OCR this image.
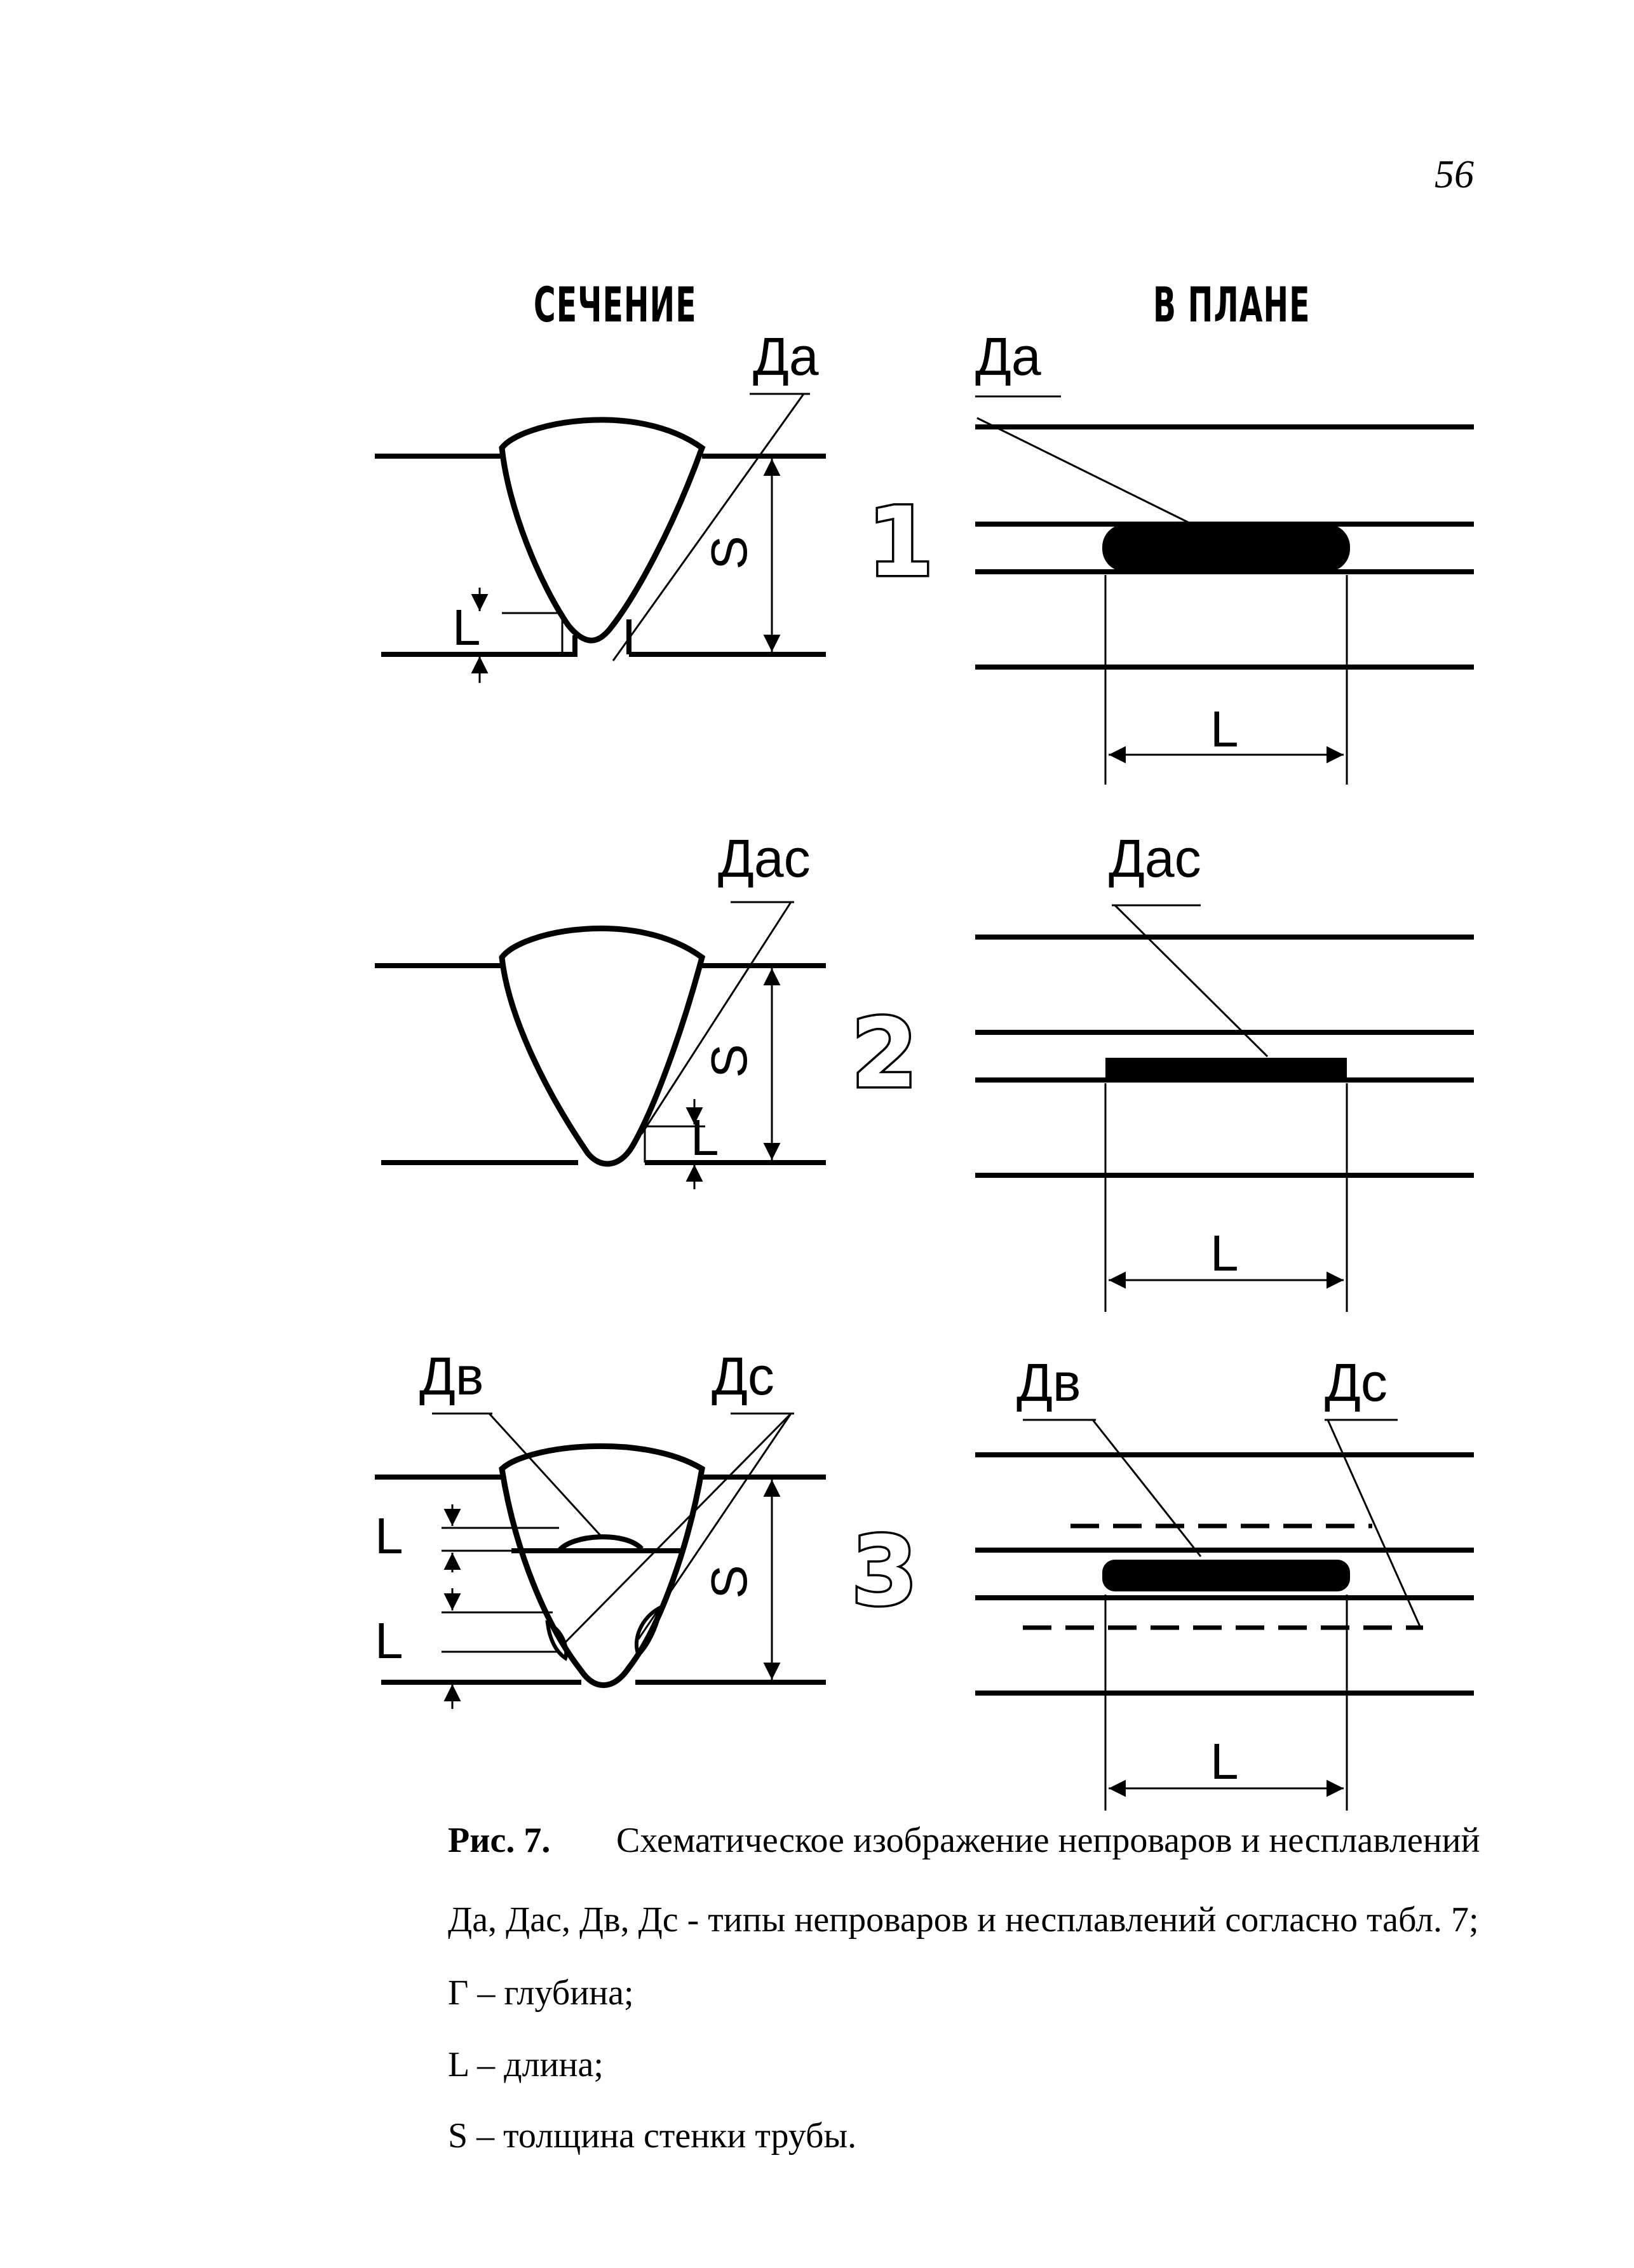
56
СЕЧЕНИЕ	В ПЛАНЕ
Да
S
L
1
Да
L
Дас
S
L
2
Дас
L
Дв	Дс
S
L
L
3
Дв	Дс
L
Рис. 7. Схематическое изображение непроваров и несплавлений
Да, Дас, Дв, Дс - типы непроваров и несплавлений согласно табл. 7;
Г – глубина;
L – длина;
S – толщина стенки трубы.
